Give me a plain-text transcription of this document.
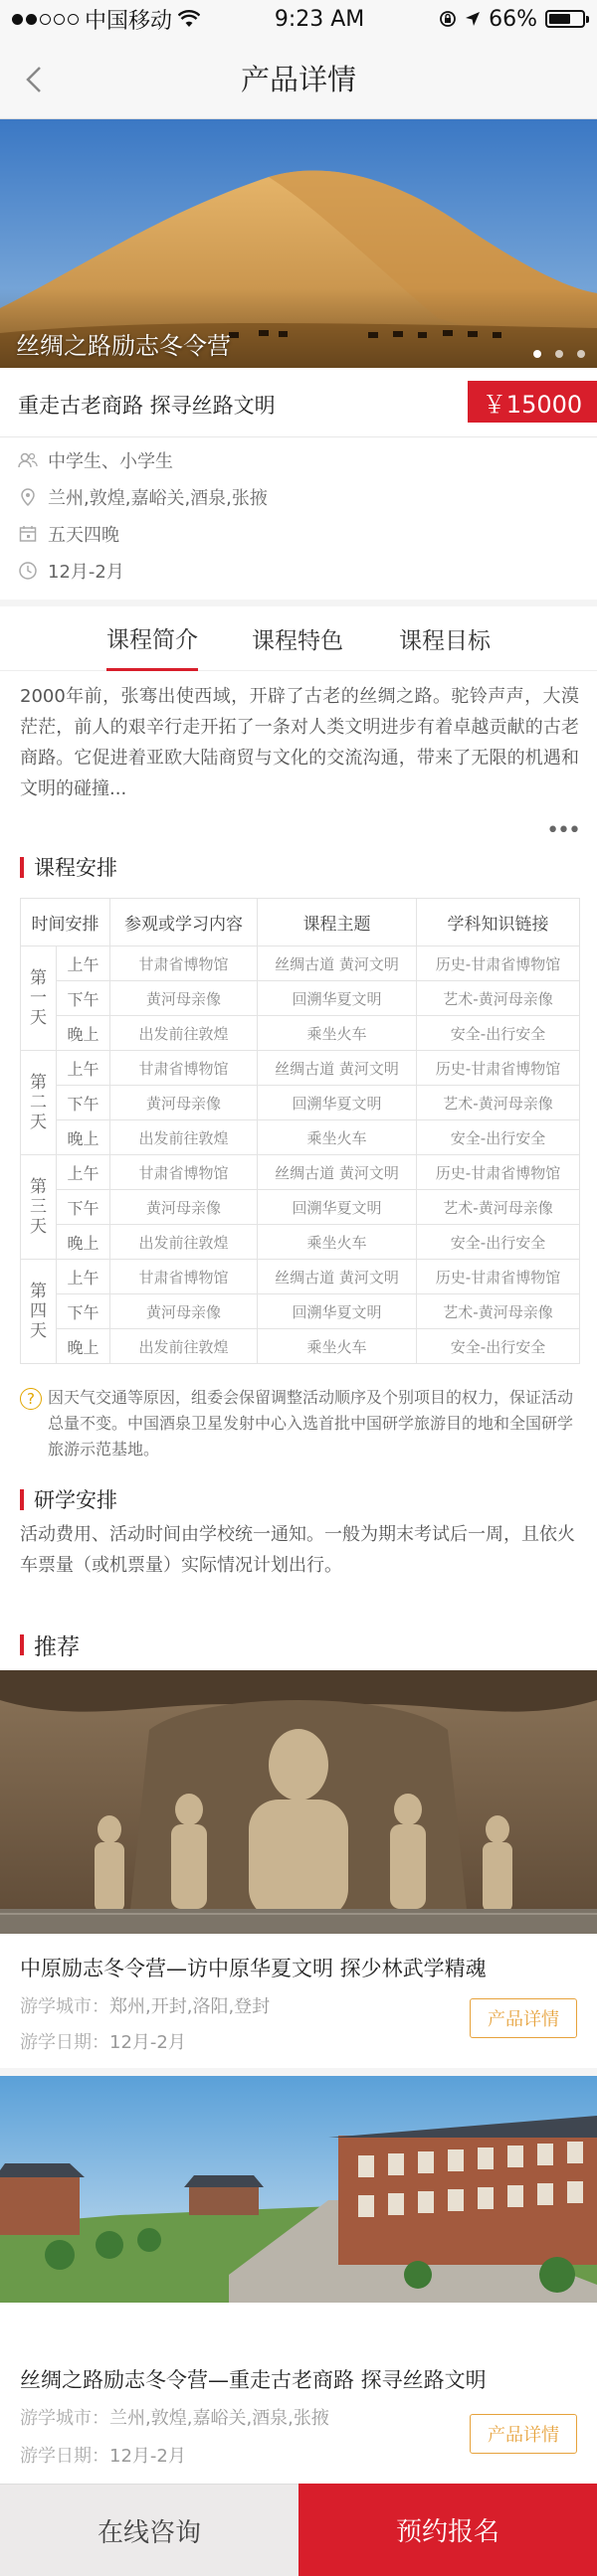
中国移动	9:23 AM	66%
产品详情
丝绸之路励志冬令营
重走古老商路 探寻丝路文明	￥15000
中学生、小学生
兰州,敦煌,嘉峪关,酒泉,张掖
五天四晚
12月-2月
课程简介 课程特色 课程目标
2000年前，张骞出使西域，开辟了古老的丝绸之路。驼铃声声，大漠茫茫，前人的艰辛行走开拓了一条对人类文明进步有着卓越贡献的古老商路。它促进着亚欧大陆商贸与文化的交流沟通，带来了无限的机遇和文明的碰撞...
•••
课程安排
时间安排		参观或学习内容	课程主题	学科知识链接
第
一
天	上午	甘肃省博物馆	丝绸古道 黄河文明	历史-甘肃省博物馆
	下午	黄河母亲像	回溯华夏文明	艺术-黄河母亲像
	晚上	出发前往敦煌	乘坐火车	安全-出行安全
第
二
天	上午	甘肃省博物馆	丝绸古道 黄河文明	历史-甘肃省博物馆
	下午	黄河母亲像	回溯华夏文明	艺术-黄河母亲像
	晚上	出发前往敦煌	乘坐火车	安全-出行安全
第
三
天	上午	甘肃省博物馆	丝绸古道 黄河文明	历史-甘肃省博物馆
	下午	黄河母亲像	回溯华夏文明	艺术-黄河母亲像
	晚上	出发前往敦煌	乘坐火车	安全-出行安全
第
四
天	上午	甘肃省博物馆	丝绸古道 黄河文明	历史-甘肃省博物馆
	下午	黄河母亲像	回溯华夏文明	艺术-黄河母亲像
	晚上	出发前往敦煌	乘坐火车	安全-出行安全
? 因天气交通等原因，组委会保留调整活动顺序及个别项目的权力，保证活动总量不变。中国酒泉卫星发射中心入选首批中国研学旅游目的地和全国研学旅游示范基地。
研学安排
活动费用、活动时间由学校统一通知。一般为期末考试后一周，且依火车票量（或机票量）实际情况计划出行。
推荐
中原励志冬令营—访中原华夏文明 探少林武学精魂
游学城市：郑州,开封,洛阳,登封
游学日期：12月-2月
产品详情
丝绸之路励志冬令营—重走古老商路 探寻丝路文明
游学城市：兰州,敦煌,嘉峪关,酒泉,张掖
游学日期：12月-2月
产品详情
在线咨询	预约报名
